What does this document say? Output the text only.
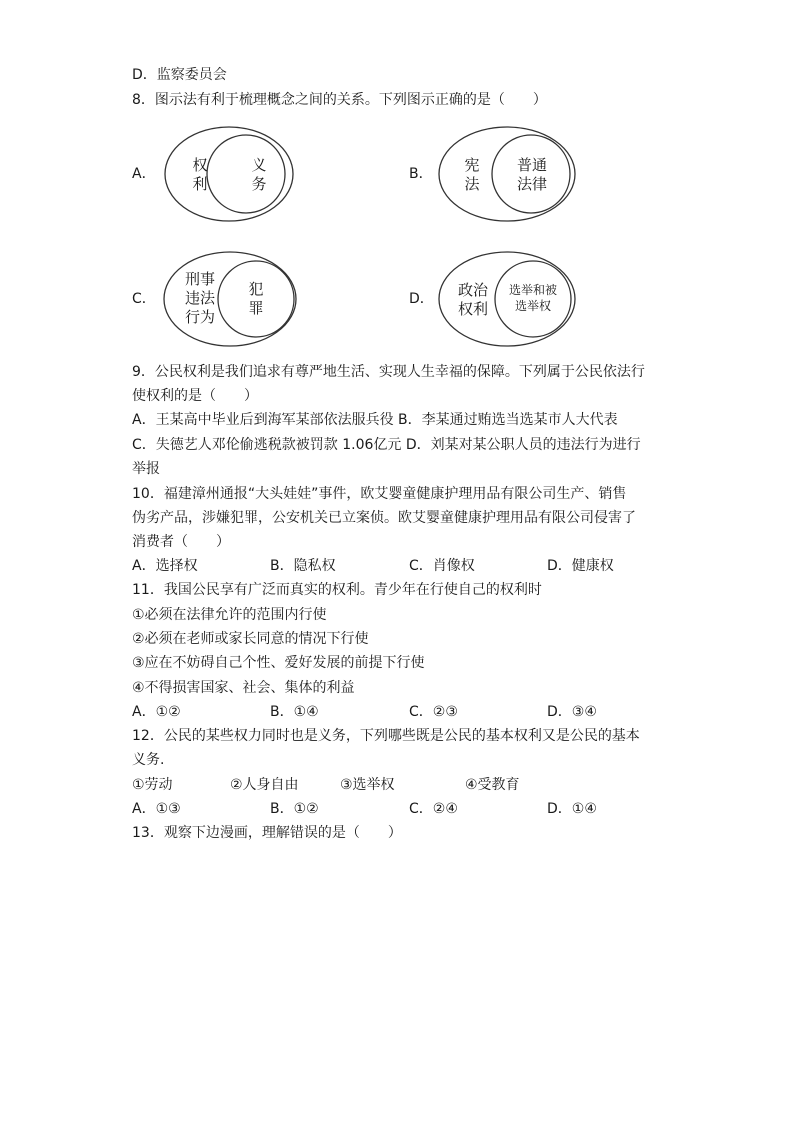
D．监察委员会
8．图示法有利于梳理概念之间的关系。下列图示正确的是（　　）
A． 权
利
义
务
B． 宪
法
普通
法律
C．
刑事
违法
行为
犯
罪	D． 政治
权利
选举和被
选举权
9．公民权利是我们追求有尊严地生活、实现人生幸福的保障。下列属于公民依法行
使权利的是（　　）
A．王某高中毕业后到海军某部依法服兵役 B．李某通过贿选当选某市人大代表
C．失德艺人邓伦偷逃税款被罚款 1.06亿元 D．刘某对某公职人员的违法行为进行
举报
10．福建漳州通报“大头娃娃”事件，欧艾婴童健康护理用品有限公司生产、销售
伪劣产品，涉嫌犯罪，公安机关已立案侦。欧艾婴童健康护理用品有限公司侵害了
消费者（　　）
A．选择权	B．隐私权	C．肖像权	D．健康权
11．我国公民享有广泛而真实的权利。青少年在行使自己的权利时
①必须在法律允许的范围内行使
②必须在老师或家长同意的情况下行使
③应在不妨碍自己个性、爱好发展的前提下行使
④不得损害国家、社会、集体的利益
A．①②	B．①④	C．②③	D．③④
12．公民的某些权力同时也是义务，下列哪些既是公民的基本权利又是公民的基本
义务.
①劳动	②人身自由	③选举权	④受教育
A．①③	B．①②	C．②④	D．①④
13．观察下边漫画，理解错误的是（　　）
